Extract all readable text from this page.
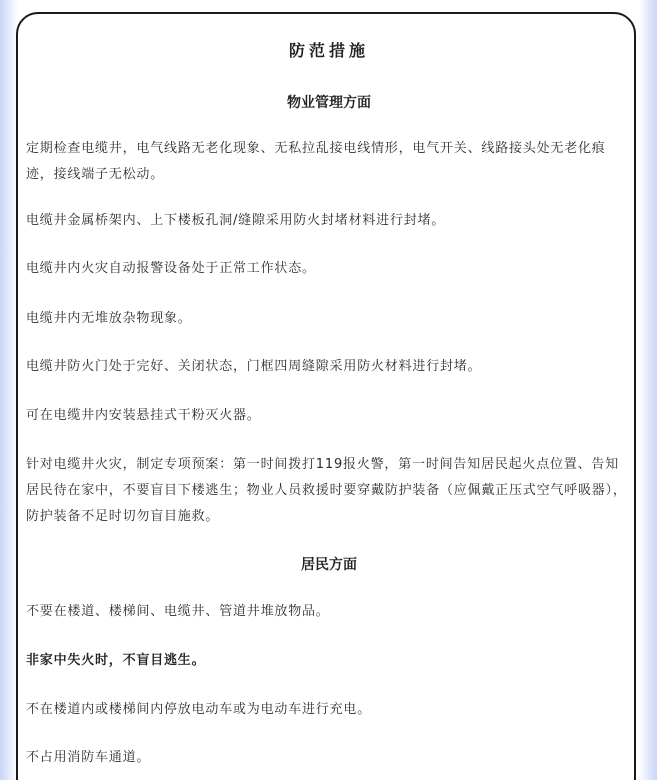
防范措施
物业管理方面
定期检查电缆井，电气线路无老化现象、无私拉乱接电线情形，电气开关、线路接头处无老化痕迹，接线端子无松动。
电缆井金属桥架内、上下楼板孔洞/缝隙采用防火封堵材料进行封堵。
电缆井内火灾自动报警设备处于正常工作状态。
电缆井内无堆放杂物现象。
电缆井防火门处于完好、关闭状态，门框四周缝隙采用防火材料进行封堵。
可在电缆井内安装悬挂式干粉灭火器。
针对电缆井火灾，制定专项预案：第一时间拨打119报火警，第一时间告知居民起火点位置、告知居民待在家中，不要盲目下楼逃生；物业人员救援时要穿戴防护装备（应佩戴正压式空气呼吸器），防护装备不足时切勿盲目施救。
居民方面
不要在楼道、楼梯间、电缆井、管道井堆放物品。
非家中失火时，不盲目逃生。
不在楼道内或楼梯间内停放电动车或为电动车进行充电。
不占用消防车通道。
